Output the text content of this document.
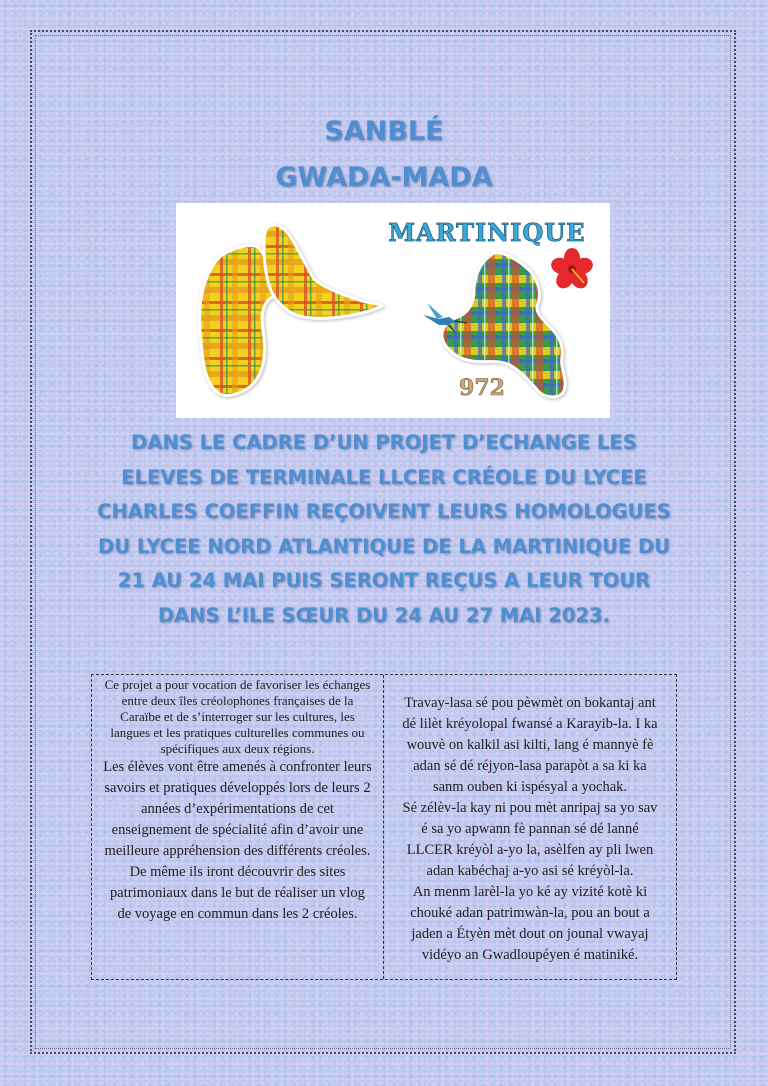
SANBLÉ
GWADA-MADA
MARTINIQUE
972

DANS LE CADRE D’UN PROJET D’ECHANGE LES ELEVES DE TERMINALE LLCER CRÉOLE DU LYCEE CHARLES COEFFIN REÇOIVENT LEURS HOMOLOGUES DU LYCEE NORD ATLANTIQUE DE LA MARTINIQUE DU 21 AU 24 MAI PUIS SERONT REÇUS A LEUR TOUR DANS L’ILE SŒUR DU 24 AU 27 MAI 2023.

Ce projet a pour vocation de favoriser les échanges entre deux îles créolophones françaises de la Caraïbe et de s’interroger sur les cultures, les langues et les pratiques culturelles communes ou spécifiques aux deux régions.

Les élèves vont être amenés à confronter leurs savoirs et pratiques développés lors de leurs 2 années d’expérimentations de cet enseignement de spécialité afin d’avoir une meilleure appréhension des différents créoles. De même ils iront découvrir des sites patrimoniaux dans le but de réaliser un vlog de voyage en commun dans les 2 créoles.

Travay-lasa sé pou pèwmèt on bokantaj ant dé lilèt kréyolopal fwansé a Karayib-la. I ka wouvè on kalkil asi kilti, lang é mannyè fè adan sé dé réjyon-lasa parapòt a sa ki ka sanm ouben ki ispésyal a yochak.

Sé zélèv-la kay ni pou mèt anripaj sa yo sav é sa yo apwann fè pannan sé dé lanné LLCER kréyòl a-yo la, asèlfen ay pli lwen adan kabéchaj a-yo asi sé kréyòl-la.

An menm larèl-la yo ké ay vizité kotè ki chouké adan patrimwàn-la, pou an bout a jaden a Étyèn mèt dout on jounal vwayaj vidéyo an Gwadloupéyen é matiniké.
